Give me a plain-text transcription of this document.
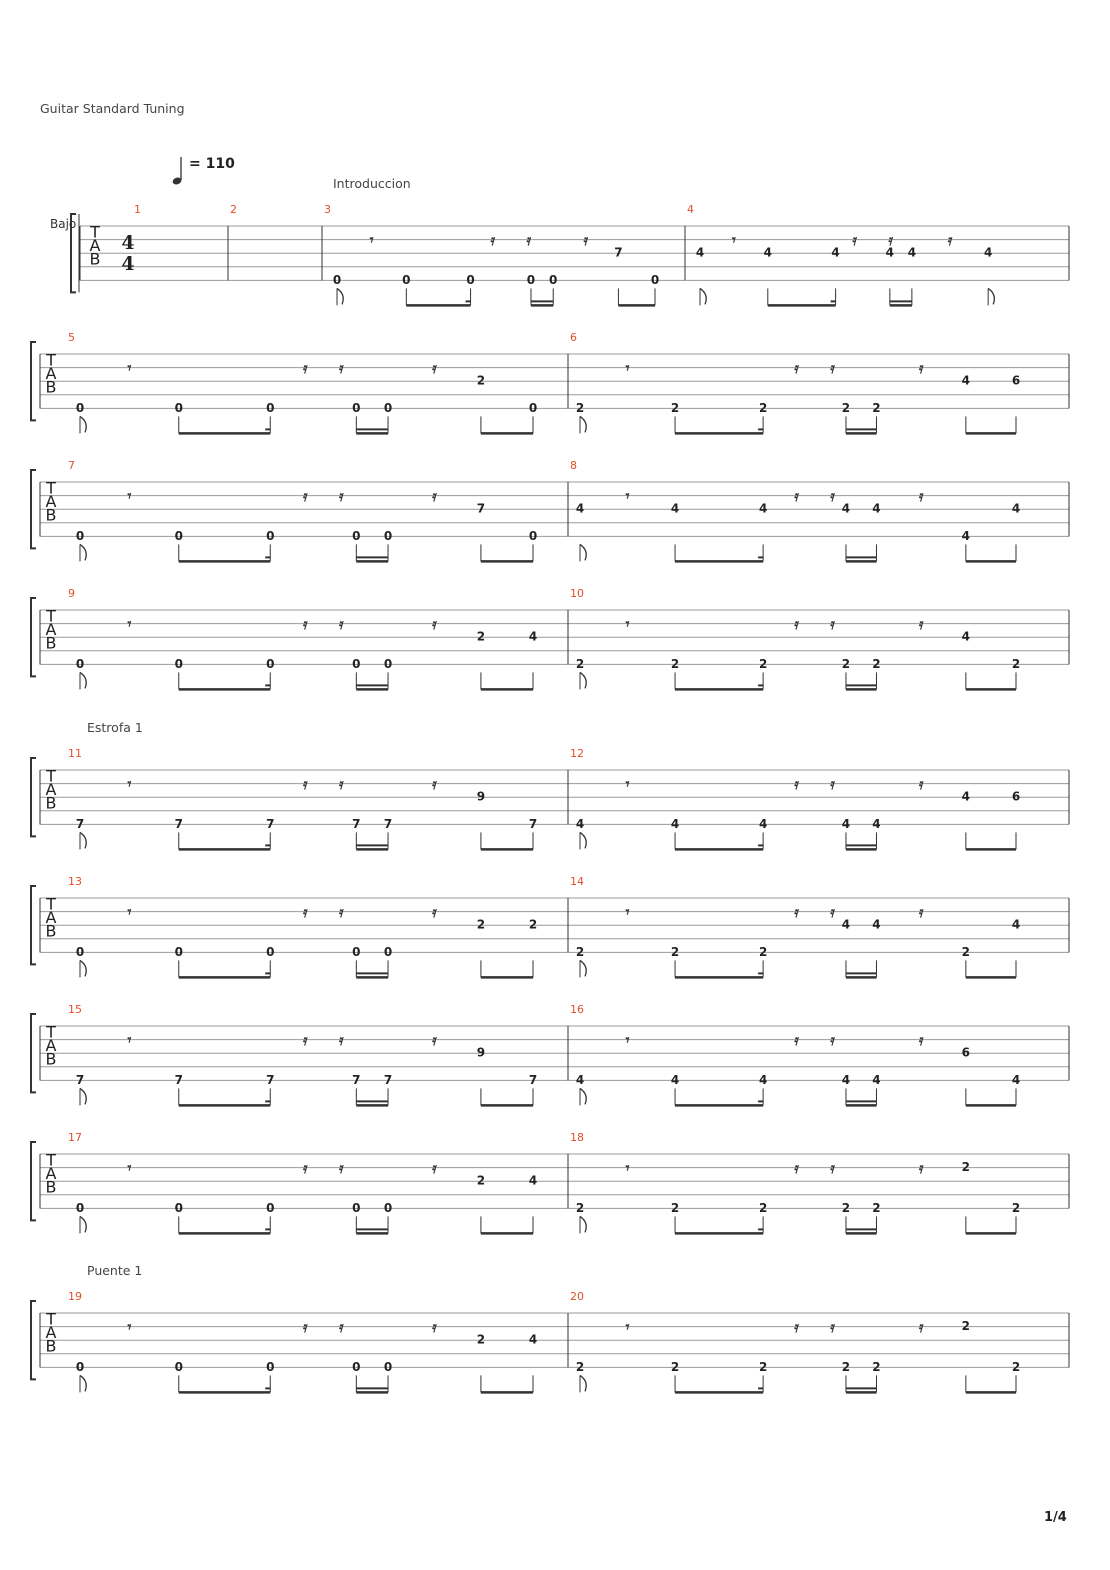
Guitar Standard Tuning
Bajo
= 110
Introduccion
Estrofa 1
Puente 1
1/4
T
A
B
4
4
1	2	3
0	0	0	0 0
7
0
𝄾	𝄿 𝄿	𝄿
4
4	4	4	4 4	4
𝄾	𝄿 𝄿	𝄿
T
A
B
5
0	0	0	0 0
2
0
𝄾	𝄿 𝄿	𝄿
6
2	2	2	2 2
4	6
𝄾	𝄿 𝄿	𝄿
T
A
B
7
0	0	0	0 0
7
0
𝄾	𝄿 𝄿	𝄿
8
4	4	4	4 4
4
4
𝄾	𝄿 𝄿	𝄿
T
A
B
9
0	0	0	0 0
2	4
𝄾	𝄿 𝄿	𝄿
10
2	2	2	2 2
4
2
𝄾	𝄿 𝄿	𝄿
T
A
B
11
7	7	7	7 7
9
7
𝄾	𝄿 𝄿	𝄿
12
4	4	4	4 4
4	6
𝄾	𝄿 𝄿	𝄿
T
A
B
13
0	0	0	0 0
2	2
𝄾	𝄿 𝄿	𝄿
14
2	2	2
4 4
2
4
𝄾	𝄿 𝄿	𝄿
T
A
B
15
7	7	7	7 7
9
7
𝄾	𝄿 𝄿	𝄿
16
4	4	4	4 4
6
4
𝄾	𝄿 𝄿	𝄿
T
A
B
17
0	0	0	0 0
2	4
𝄾	𝄿 𝄿	𝄿
18
2	2	2	2 2
2
2
𝄾	𝄿 𝄿	𝄿
T
A
B
19
0	0	0	0 0
2	4
𝄾	𝄿 𝄿	𝄿
20
2	2	2	2 2
2
2
𝄾	𝄿 𝄿	𝄿
